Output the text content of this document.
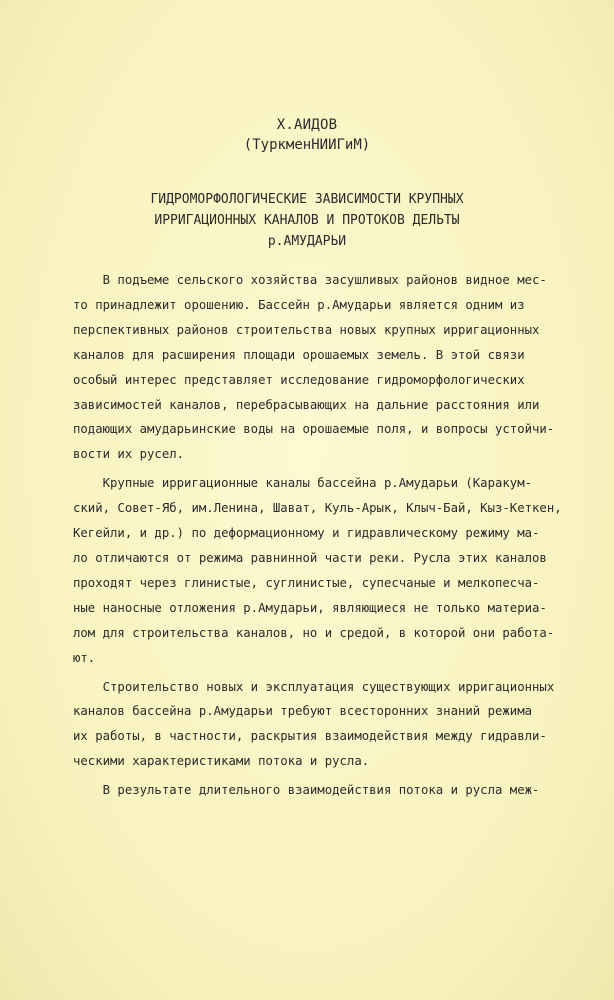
Х.АИДОВ
(ТуркменНИИГиМ)
ГИДРОМОРФОЛОГИЧЕСКИЕ ЗАВИСИМОСТИ КРУПНЫХ
ИРРИГАЦИОННЫХ КАНАЛОВ И ПРОТОКОВ ДЕЛЬТЫ
р.АМУДАРЬИ
В подъеме сельского хозяйства засушливых районов видное мес-
то принадлежит орошению. Бассейн р.Амударьи является одним из
перспективных районов строительства новых крупных ирригационных
каналов для расширения площади орошаемых земель. В этой связи
особый интерес представляет исследование гидроморфологических
зависимостей каналов, перебрасывающих на дальние расстояния или
подающих амударьинские воды на орошаемые поля, и вопросы устойчи-
вости их русел.
Крупные ирригационные каналы бассейна р.Амударьи (Каракум-
ский, Совет-Яб, им.Ленина, Шават, Куль-Арык, Клыч-Бай, Кыз-Кеткен,
Кегейли, и др.) по деформационному и гидравлическому режиму ма-
ло отличаются от режима равнинной части реки. Русла этих каналов
проходят через глинистые, суглинистые, супесчаные и мелкопесча-
ные наносные отложения р.Амударьи, являющиеся не только материа-
лом для строительства каналов, но и средой, в которой они работа-
ют.
Строительство новых и эксплуатация существующих ирригационных
каналов бассейна р.Амударьи требуют всесторонних знаний режима
их работы, в частности, раскрытия взаимодействия между гидравли-
ческими характеристиками потока и русла.
В результате длительного взаимодействия потока и русла меж-
